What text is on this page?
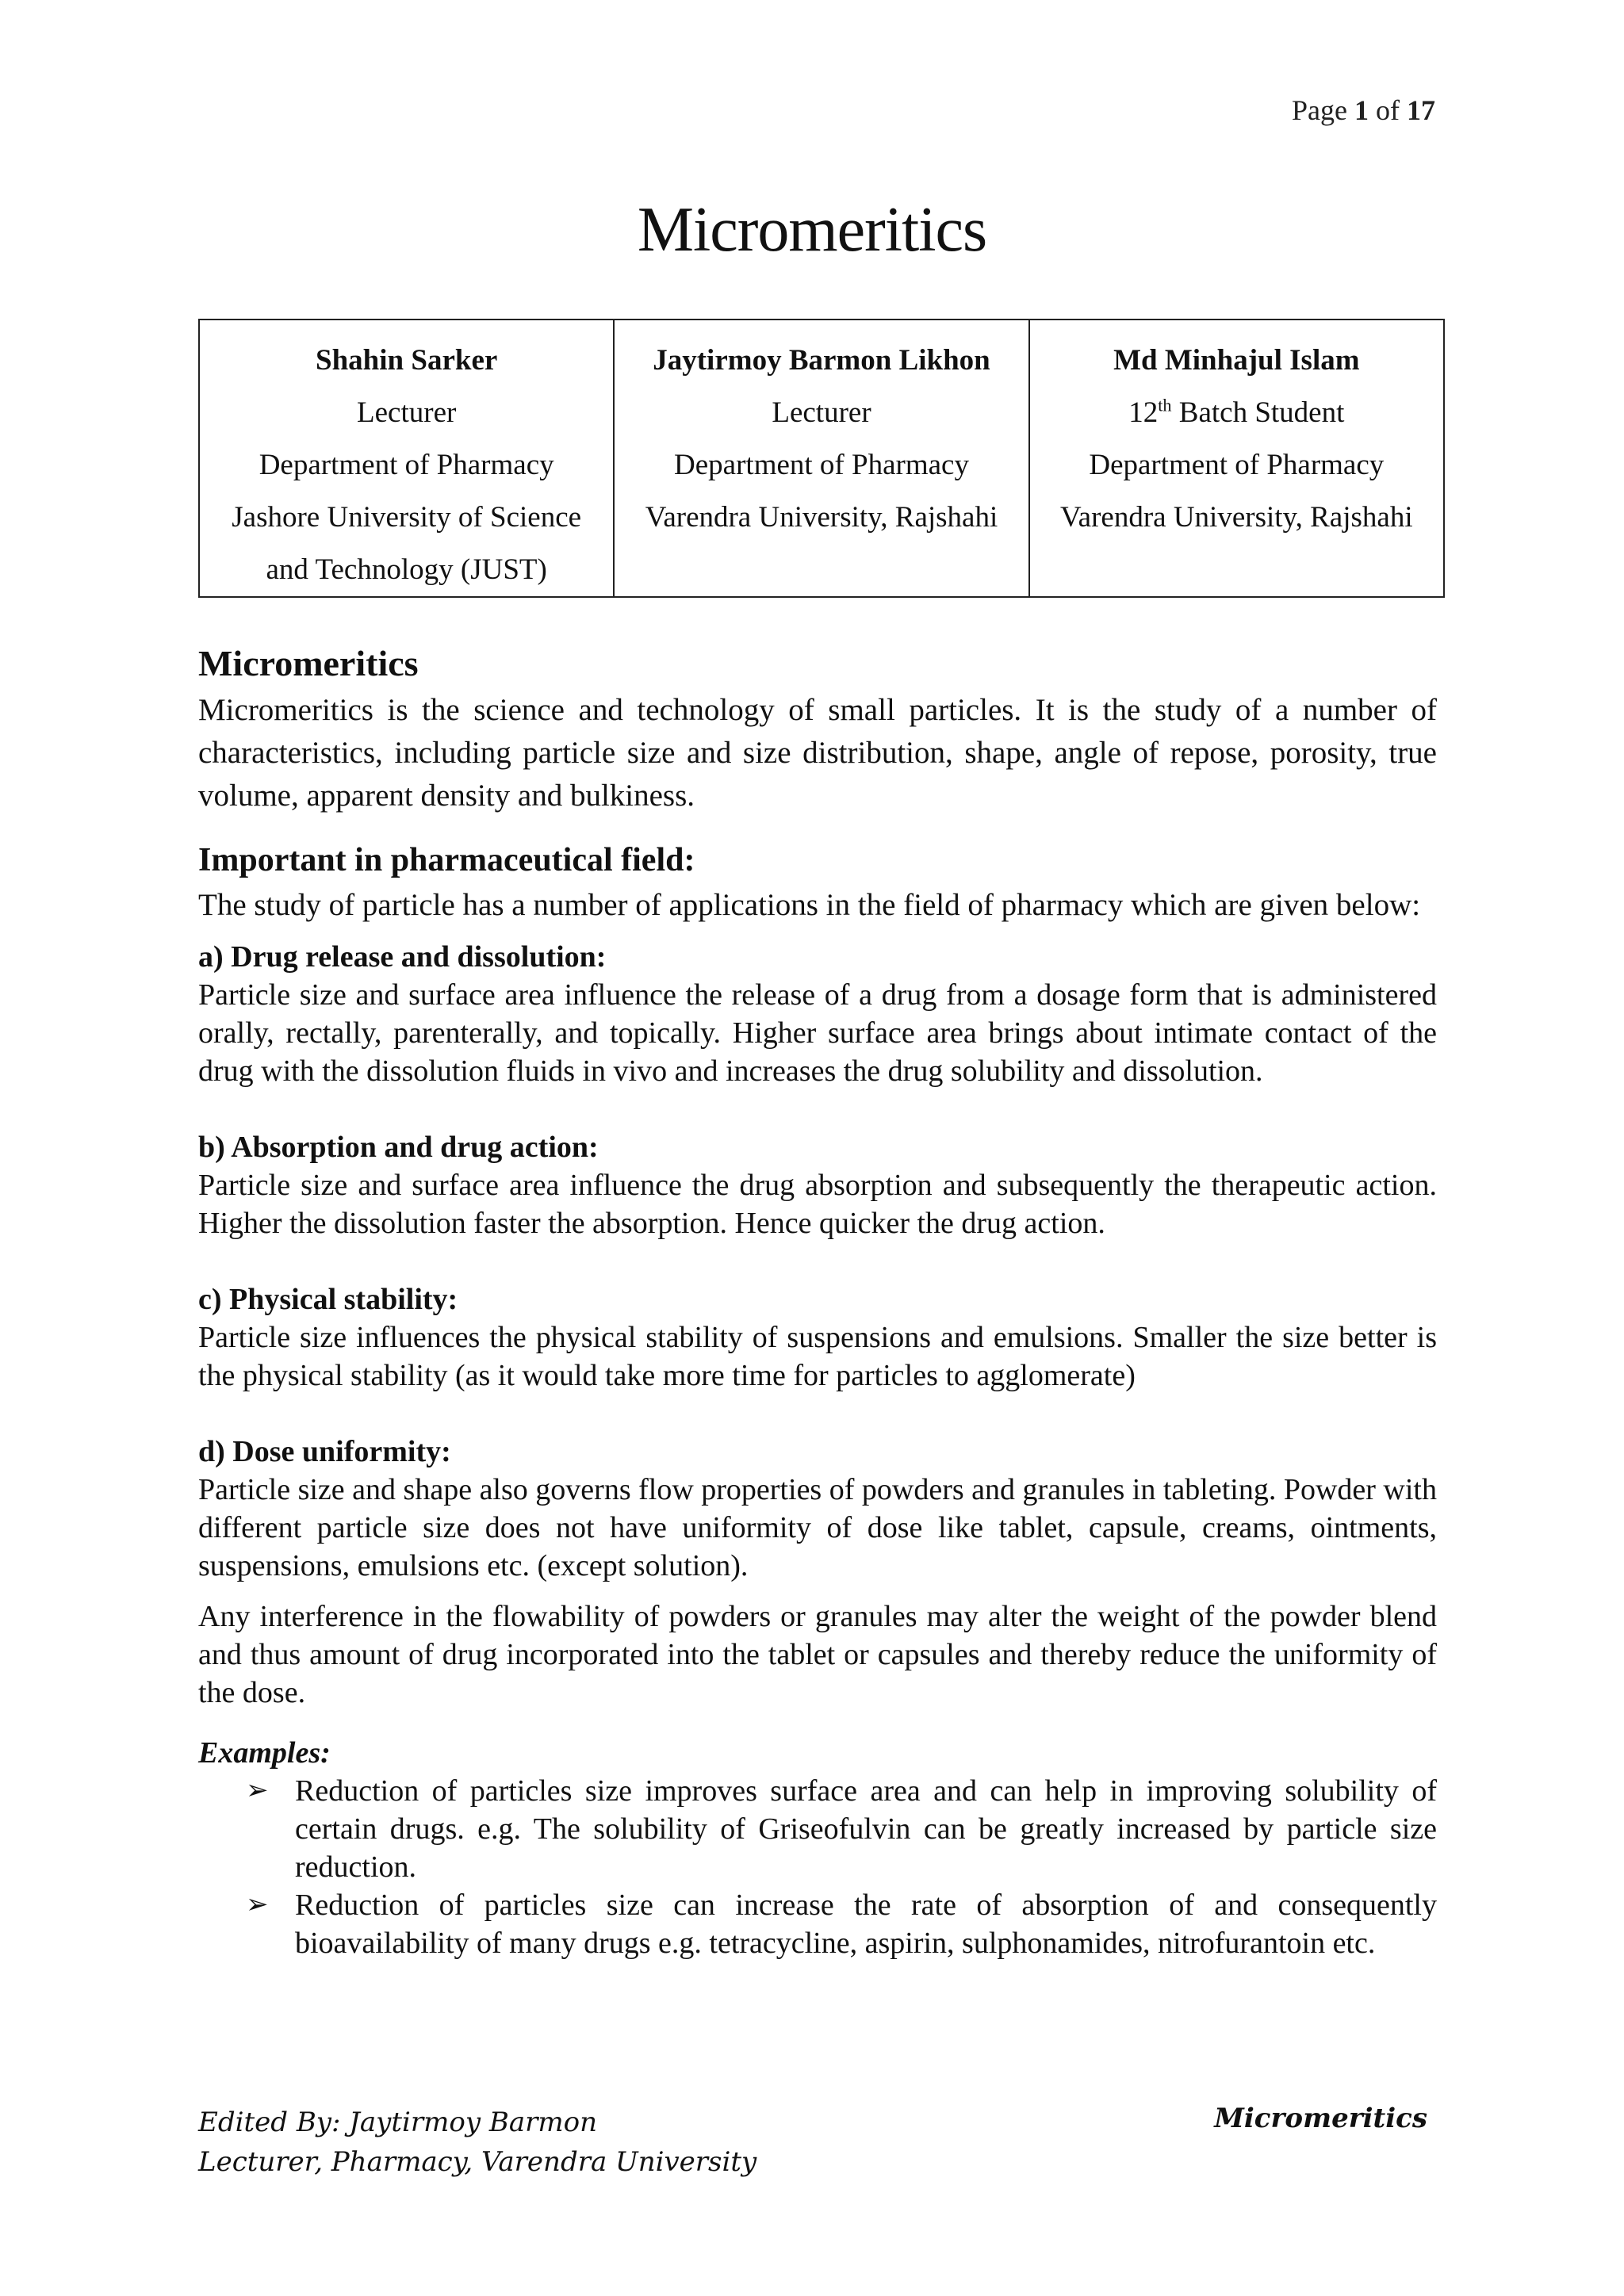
Page 1 of 17
Micromeritics
Shahin Sarker
Lecturer
Department of Pharmacy
Jashore University of Science
and Technology (JUST)

Jaytirmoy Barmon Likhon
Lecturer
Department of Pharmacy
Varendra University, Rajshahi

Md Minhajul Islam
12th Batch Student
Department of Pharmacy
Varendra University, Rajshahi
Micromeritics

Micromeritics is the science and technology of small particles. It is the study of a number of characteristics, including particle size and size distribution, shape, angle of repose, porosity, true volume, apparent density and bulkiness.

Important in pharmaceutical field:

The study of particle has a number of applications in the field of pharmacy which are given below:

a) Drug release and dissolution:

Particle size and surface area influence the release of a drug from a dosage form that is administered orally, rectally, parenterally, and topically. Higher surface area brings about intimate contact of the drug with the dissolution fluids in vivo and increases the drug solubility and dissolution.

b) Absorption and drug action:

Particle size and surface area influence the drug absorption and subsequently the therapeutic action. Higher the dissolution faster the absorption. Hence quicker the drug action.

c) Physical stability:

Particle size influences the physical stability of suspensions and emulsions. Smaller the size better is the physical stability (as it would take more time for particles to agglomerate)

d) Dose uniformity:

Particle size and shape also governs flow properties of powders and granules in tableting. Powder with different particle size does not have uniformity of dose like tablet, capsule, creams, ointments, suspensions, emulsions etc. (except solution).

Any interference in the flowability of powders or granules may alter the weight of the powder blend and thus amount of drug incorporated into the tablet or capsules and thereby reduce the uniformity of the dose.

Examples:
➢ Reduction of particles size improves surface area and can help in improving solubility of certain drugs. e.g. The solubility of Griseofulvin can be greatly increased by particle size reduction.
➢ Reduction of particles size can increase the rate of absorption of and consequently bioavailability of many drugs e.g. tetracycline, aspirin, sulphonamides, nitrofurantoin etc.
Edited By: Jaytirmoy Barmon
Lecturer, Pharmacy, Varendra University
Micromeritics
